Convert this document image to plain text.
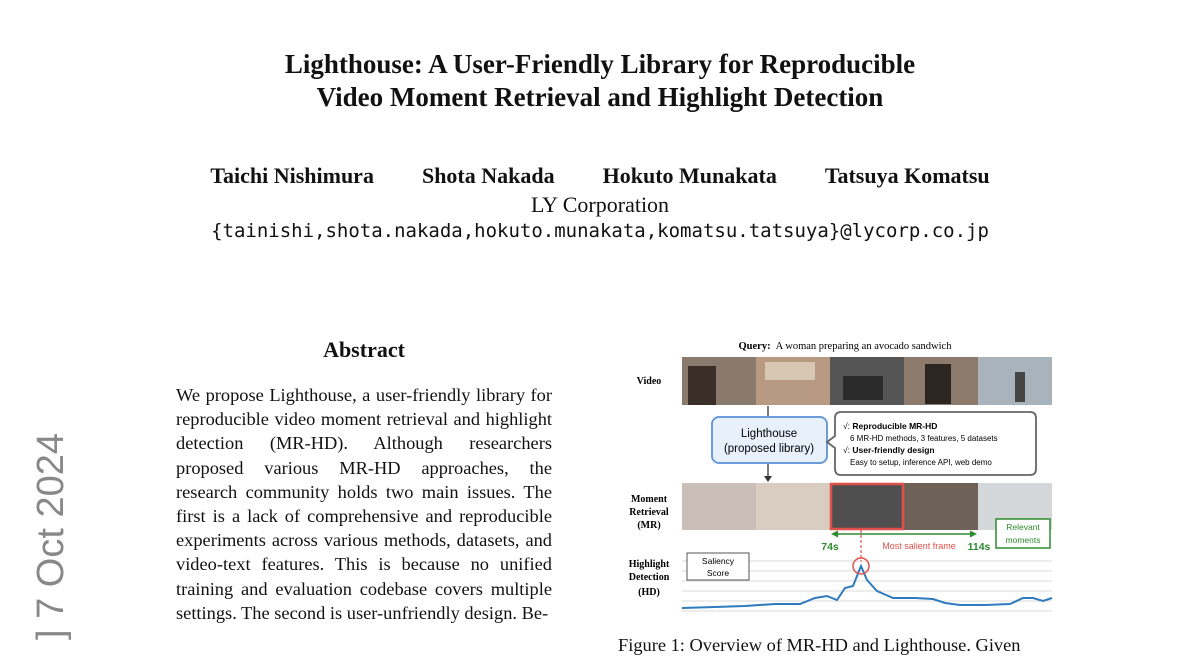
Lighthouse: A User-Friendly Library for Reproducible
Video Moment Retrieval and Highlight Detection
Taichi Nishimura Shota Nakada Hokuto Munakata Tatsuya Komatsu
LY Corporation
{tainishi,shota.nakada,hokuto.munakata,komatsu.tatsuya}@lycorp.co.jp
] 7 Oct 2024
Abstract
We propose Lighthouse, a user-friendly library for reproducible video moment retrieval and highlight detection (MR-HD). Although researchers proposed various MR-HD approaches, the research community holds two main issues. The first is a lack of comprehensive and reproducible experiments across various methods, datasets, and video-text features. This is because no unified training and evaluation codebase covers multiple settings. The second is user-unfriendly design. Be-
Query: A woman preparing an avocado sandwich
Video
Lighthouse
(proposed library)
√: Reproducible MR-HD
6 MR-HD methods, 3 features, 5 datasets
√: User-friendly design
Easy to setup, inference API, web demo
Moment
Retrieval
(MR)	Relevant
moments
74s	114s
Most salient frame
Highlight
Detection
(HD)
Saliency
Score
Figure 1: Overview of MR-HD and Lighthouse. Given
